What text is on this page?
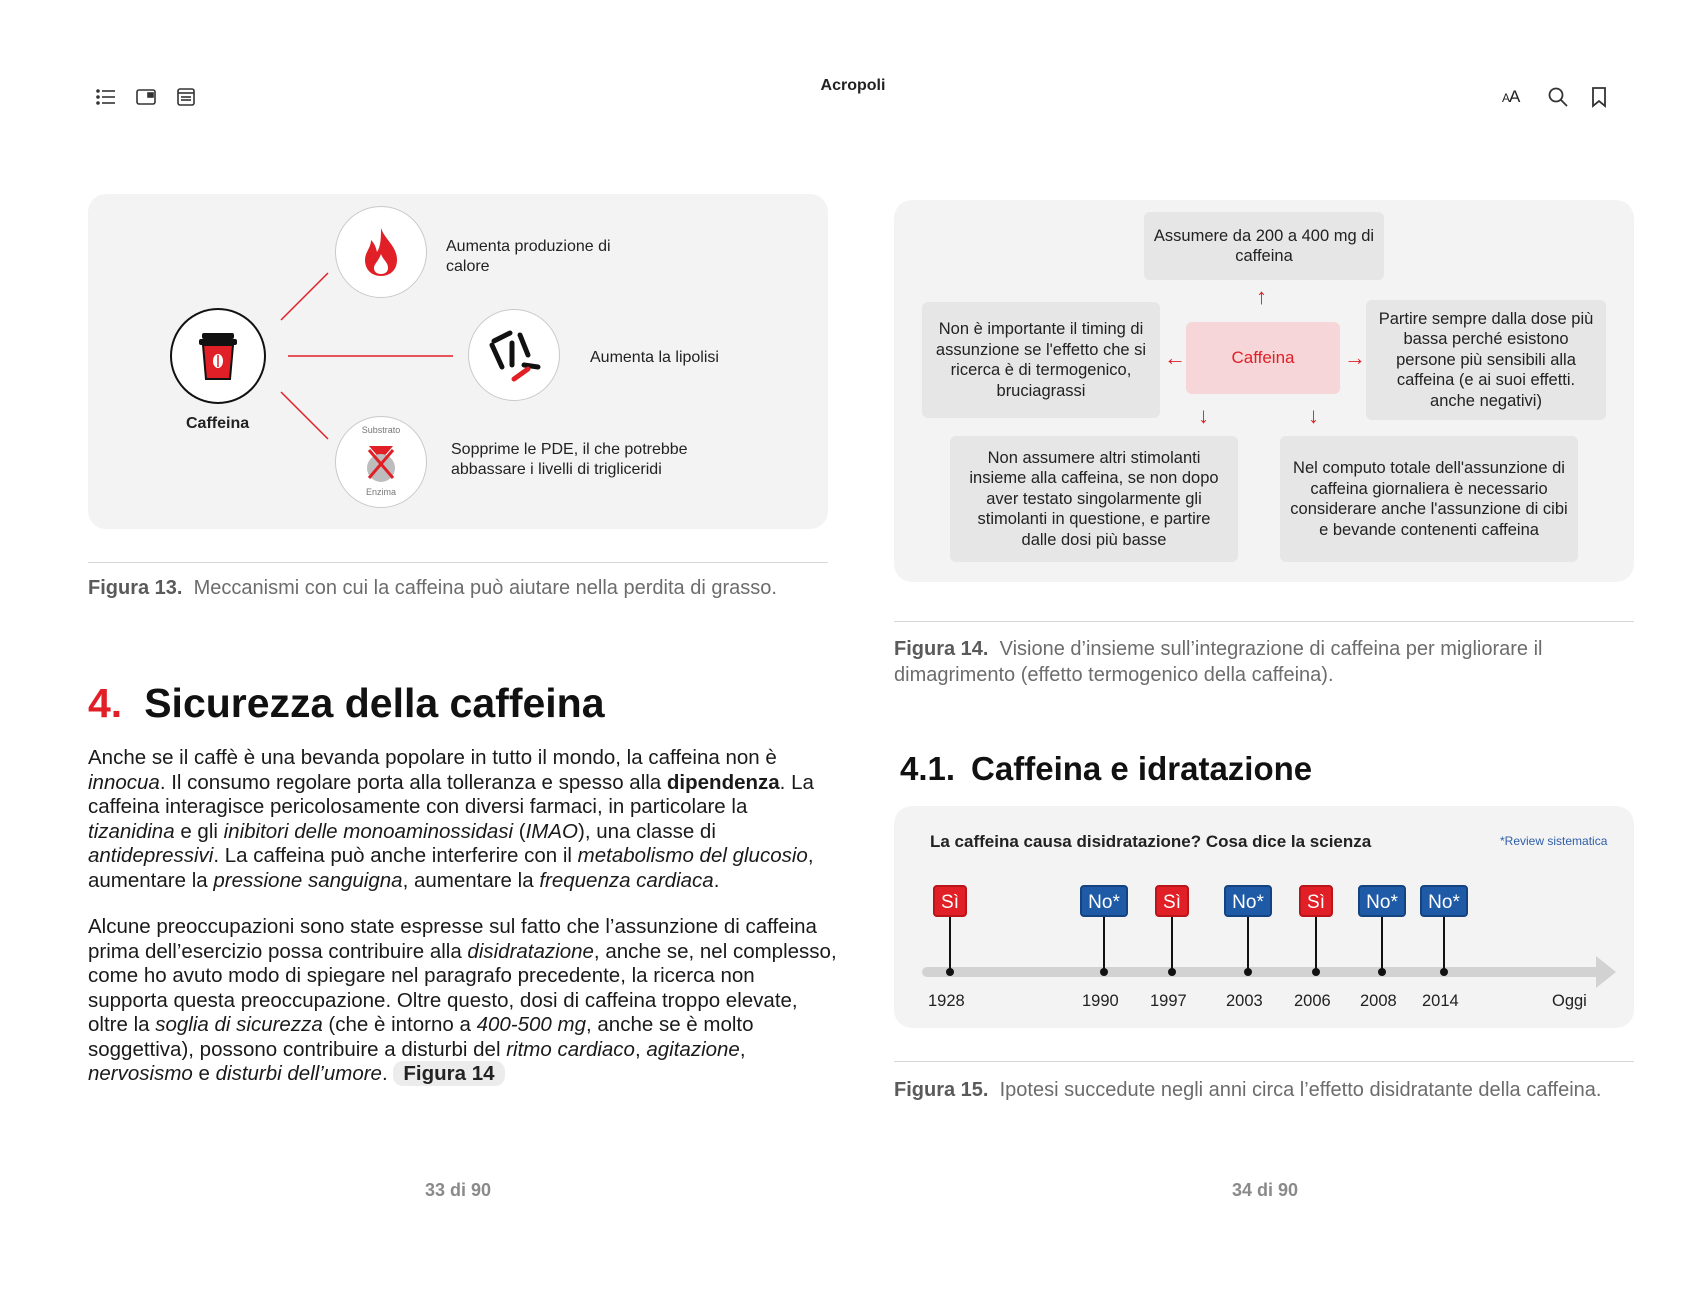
Acropoli
AA
Caffeina
Aumenta produzione di calore
Aumenta la lipolisi
Substrato
Enzima
Sopprime le PDE, il che potrebbe abbassare i livelli di trigliceridi
Figura 13. Meccanismi con cui la caffeina può aiutare nella perdita di grasso.
Assumere da 200 a 400 mg di caffeina
↑
Non è importante il timing di assunzione se l'effetto che si ricerca è di termogenico, bruciagrassi
←	Caffeina	→
Partire sempre dalla dose più bassa perché esistono persone più sensibili alla caffeina (e ai suoi effetti. anche negativi)
↓	↓
Non assumere altri stimolanti insieme alla caffeina, se non dopo aver testato singolarmente gli stimolanti in questione, e partire dalle dosi più basse
Nel computo totale dell'assunzione di caffeina giornaliera è necessario considerare anche l'assunzione di cibi e bevande contenenti caffeina
Figura 14. Visione d’insieme sull’integrazione di caffeina per migliorare il dimagrimento (effetto termogenico della caffeina).
4. Sicurezza della caffeina

Anche se il caffè è una bevanda popolare in tutto il mondo, la caffeina non è innocua. Il consumo regolare porta alla tolleranza e spesso alla dipendenza. La caffeina interagisce pericolosamente con diversi farmaci, in particolare la tizanidina e gli inibitori delle monoaminossidasi (IMAO), una classe di antidepressivi. La caffeina può anche interferire con il metabolismo del glucosio, aumentare la pressione sanguigna, aumentare la frequenza cardiaca.

Alcune preoccupazioni sono state espresse sul fatto che l’assunzione di caffeina prima dell’esercizio possa contribuire alla disidratazione, anche se, nel complesso, come ho avuto modo di spiegare nel paragrafo precedente, la ricerca non supporta questa preoccupazione. Oltre questo, dosi di caffeina troppo elevate, oltre la soglia di sicurezza (che è intorno a 400-500 mg, anche se è molto soggettiva), possono contribuire a disturbi del ritmo cardiaco, agitazione, nervosismo e disturbi dell’umore. Figura 14

4.1. Caffeina e idratazione
La caffeina causa disidratazione? Cosa dice la scienza	*Review sistematica
Sì
1928
No*
1990
Sì
1997
No*
2003
Sì
2006
No*
2008
No*
2014	Oggi
Figura 15. Ipotesi succedute negli anni circa l’effetto disidratante della caffeina.
33 di 90	34 di 90
